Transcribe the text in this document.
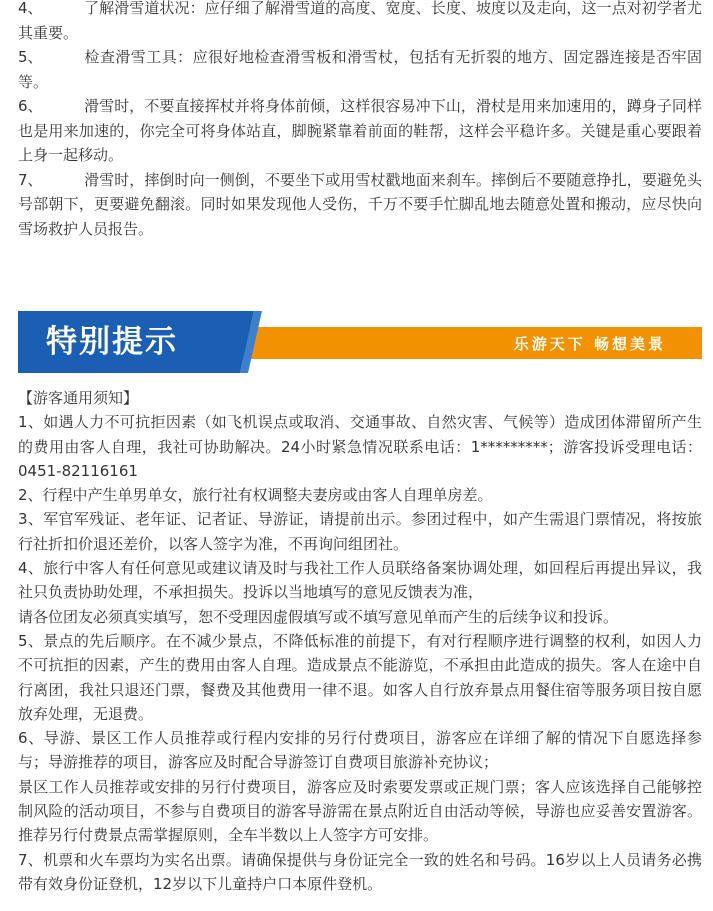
4、	了解滑雪道状况：应仔细了解滑雪道的高度、宽度、长度、坡度以及走向，这一点对初学者尤其重要。

5、	检查滑雪工具：应很好地检查滑雪板和滑雪杖，包括有无折裂的地方、固定器连接是否牢固等。

6、	滑雪时，不要直接挥杖并将身体前倾，这样很容易冲下山，滑杖是用来加速用的，蹲身子同样也是用来加速的，你完全可将身体站直，脚腕紧靠着前面的鞋帮，这样会平稳许多。关键是重心要跟着上身一起移动。

7、	滑雪时，摔倒时向一侧倒，不要坐下或用雪杖戳地面来刹车。摔倒后不要随意挣扎，要避免头号部朝下，更要避免翻滚。同时如果发现他人受伤，千万不要手忙脚乱地去随意处置和搬动，应尽快向雪场救护人员报告。

特别提示	乐游天下 畅想美景

【游客通用须知】

1、如遇人力不可抗拒因素（如飞机误点或取消、交通事故、自然灾害、气候等）造成团体滞留所产生的费用由客人自理，我社可协助解决。24小时紧急情况联系电话：1*********；游客投诉受理电话：0451-82116161

2、行程中产生单男单女，旅行社有权调整夫妻房或由客人自理单房差。

3、军官军残证、老年证、记者证、导游证，请提前出示。参团过程中，如产生需退门票情况，将按旅行社折扣价退还差价，以客人签字为准，不再询问组团社。

4、旅行中客人有任何意见或建议请及时与我社工作人员联络备案协调处理，如回程后再提出异议，我社只负责协助处理，不承担损失。投诉以当地填写的意见反馈表为准，

请各位团友必须真实填写，恕不受理因虚假填写或不填写意见单而产生的后续争议和投诉。

5、景点的先后顺序。在不减少景点，不降低标准的前提下，有对行程顺序进行调整的权利，如因人力不可抗拒的因素，产生的费用由客人自理。造成景点不能游览，不承担由此造成的损失。客人在途中自行离团，我社只退还门票，餐费及其他费用一律不退。如客人自行放弃景点用餐住宿等服务项目按自愿放弃处理，无退费。

6、导游、景区工作人员推荐或行程内安排的另行付费项目，游客应在详细了解的情况下自愿选择参与；导游推荐的项目，游客应及时配合导游签订自费项目旅游补充协议；

景区工作人员推荐或安排的另行付费项目，游客应及时索要发票或正规门票；客人应该选择自己能够控制风险的活动项目，不参与自费项目的游客导游需在景点附近自由活动等候，导游也应妥善安置游客。推荐另行付费景点需掌握原则，全车半数以上人签字方可安排。

7、机票和火车票均为实名出票。请确保提供与身份证完全一致的姓名和号码。16岁以上人员请务必携带有效身份证登机，12岁以下儿童持户口本原件登机。
